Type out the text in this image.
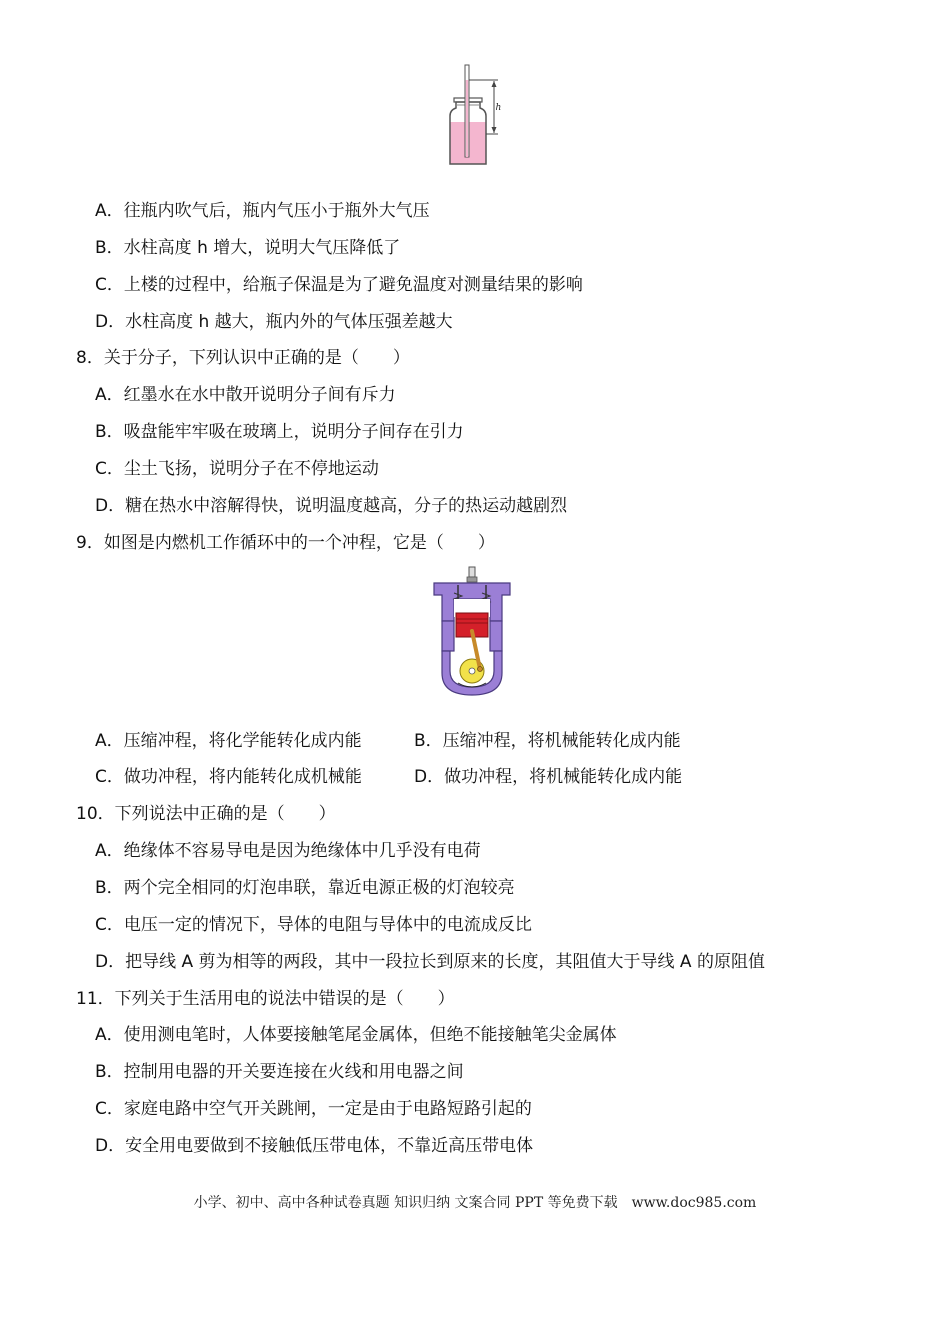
h
A．往瓶内吹气后，瓶内气压小于瓶外大气压
B．水柱高度 h 增大，说明大气压降低了
C．上楼的过程中，给瓶子保温是为了避免温度对测量结果的影响
D．水柱高度 h 越大，瓶内外的气体压强差越大
8．关于分子，下列认识中正确的是（　　）
A．红墨水在水中散开说明分子间有斥力
B．吸盘能牢牢吸在玻璃上，说明分子间存在引力
C．尘土飞扬，说明分子在不停地运动
D．糖在热水中溶解得快，说明温度越高，分子的热运动越剧烈
9．如图是内燃机工作循环中的一个冲程，它是（　　）
A．压缩冲程，将化学能转化成内能	B．压缩冲程，将机械能转化成内能
C．做功冲程，将内能转化成机械能	D．做功冲程，将机械能转化成内能
10．下列说法中正确的是（　　）
A．绝缘体不容易导电是因为绝缘体中几乎没有电荷
B．两个完全相同的灯泡串联，靠近电源正极的灯泡较亮
C．电压一定的情况下，导体的电阻与导体中的电流成反比
D．把导线 A 剪为相等的两段，其中一段拉长到原来的长度，其阻值大于导线 A 的原阻值
11．下列关于生活用电的说法中错误的是（　　）
A．使用测电笔时，人体要接触笔尾金属体，但绝不能接触笔尖金属体
B．控制用电器的开关要连接在火线和用电器之间
C．家庭电路中空气开关跳闸，一定是由于电路短路引起的
D．安全用电要做到不接触低压带电体，不靠近高压带电体
小学、初中、高中各种试卷真题 知识归纳 文案合同 PPT 等免费下载　www.doc985.com
